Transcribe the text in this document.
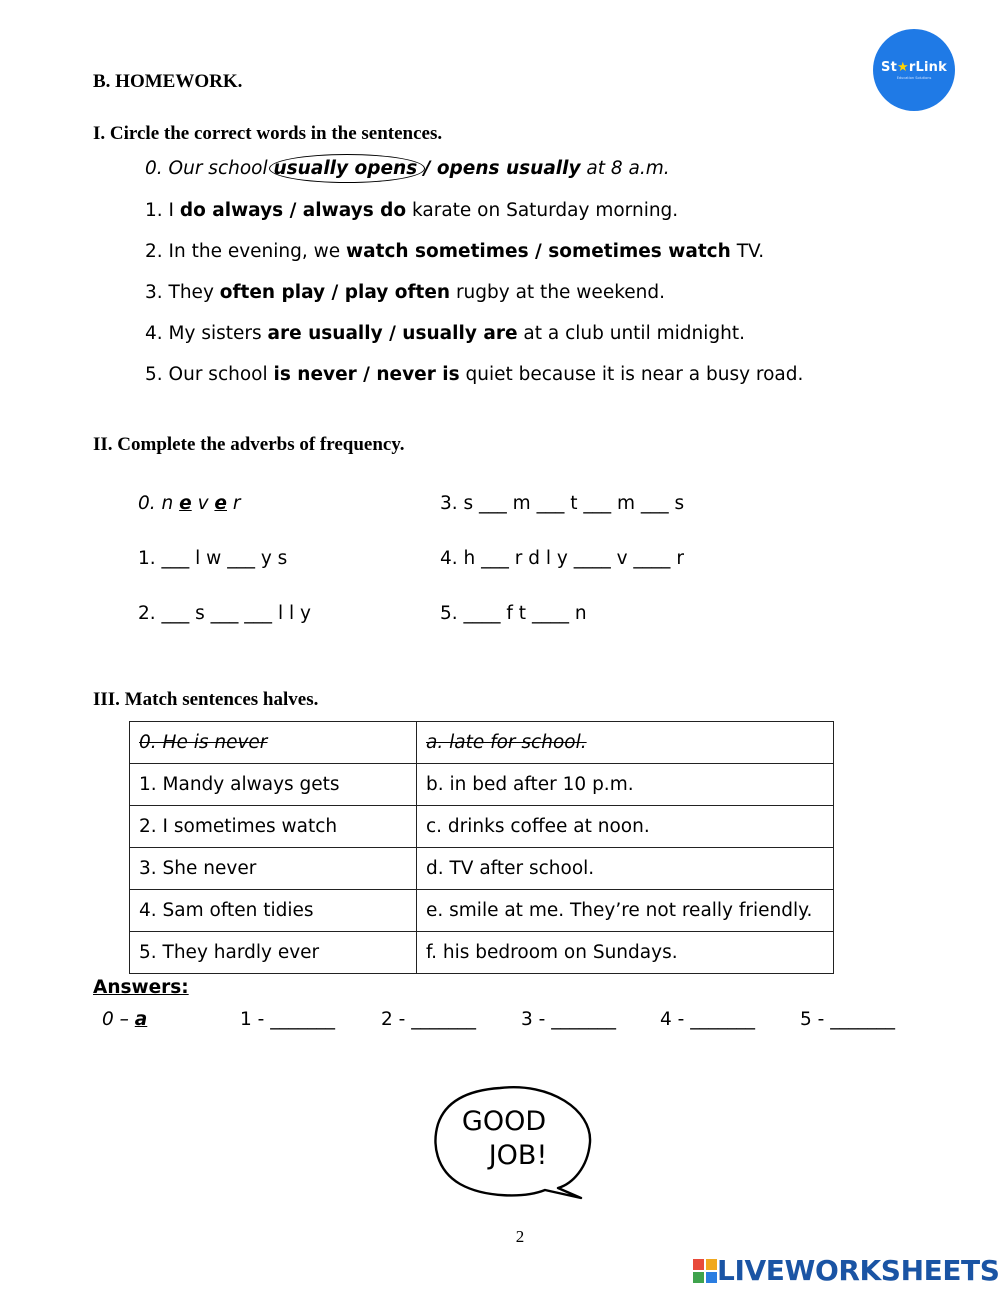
St★rLink
Education Solutions
B. HOMEWORK.
I. Circle the correct words in the sentences.
0. Our school usually opens
/ opens usually at 8 a.m.
1. I do always / always do karate on Saturday morning.
2. In the evening, we watch sometimes / sometimes watch TV.
3. They often play / play often rugby at the weekend.
4. My sisters are usually / usually are at a club until midnight.
5. Our school is never / never is quiet because it is near a busy road.
II. Complete the adverbs of frequency.
0. n e v e r
1. ___ l w ___ y s
2. ___ s ___ ___ l l y
3. s ___ m ___ t ___ m ___ s
4. h ___ r d l y ____ v ____ r
5. ____ f t ____ n
III. Match sentences halves.
0. He is never	a. late for school.
1. Mandy always gets	b. in bed after 10 p.m.
2. I sometimes watch	c. drinks coffee at noon.
3. She never	d. TV after school.
4. Sam often tidies	e. smile at me. They’re not really friendly.
5. They hardly ever	f. his bedroom on Sundays.
Answers:
0 – a	1 - _______ 2 - _______ 3 - _______ 4 - _______ 5 - _______
GOOD
JOB!
2
LIVEWORKSHEETS
